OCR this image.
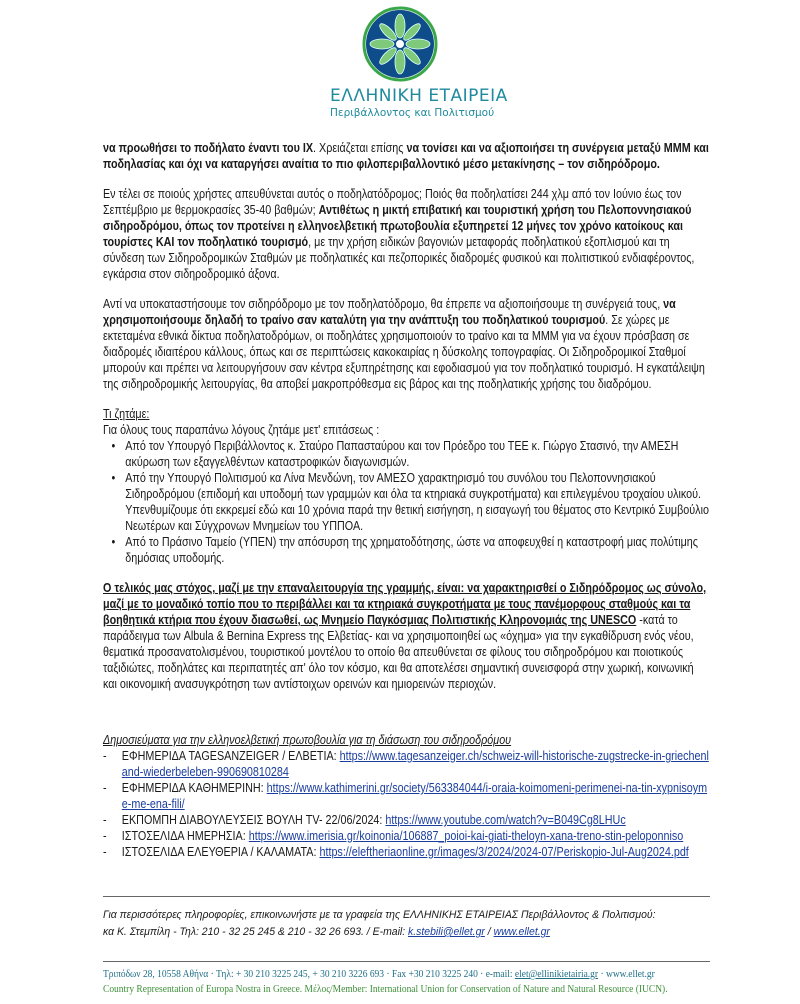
ΕΛΛΗΝΙΚΗ ΕΤΑΙΡΕΙΑ
Περιβάλλοντος και Πολιτισμού
να προωθήσει το ποδήλατο έναντι του ΙΧ. Χρειάζεται επίσης να τονίσει και να αξιοποιήσει τη συνέργεια μεταξύ ΜΜΜ και ποδηλασίας και όχι να καταργήσει αναίτια το πιο φιλοπεριβαλλοντικό μέσο μετακίνησης – τον σιδηρόδρομο.
Εν τέλει σε ποιούς χρήστες απευθύνεται αυτός ο ποδηλατόδρομος; Ποιός θα ποδηλατίσει 244 χλμ από τον Ιούνιο έως τον Σεπτέμβριο με θερμοκρασίες 35-40 βαθμών; Αντιθέτως η μικτή επιβατική και τουριστική χρήση του Πελοποννησιακού σιδηροδρόμου, όπως τον προτείνει η ελληνοελβετική πρωτοβουλία εξυπηρετεί 12 μήνες τον χρόνο κατοίκους και τουρίστες ΚΑΙ τον ποδηλατικό τουρισμό, με την χρήση ειδικών βαγονιών μεταφοράς ποδηλατικού εξοπλισμού και τη σύνδεση των Σιδηροδρομικών Σταθμών με ποδηλατικές και πεζοπορικές διαδρομές φυσικού και πολιτιστικού ενδιαφέροντος, εγκάρσια στον σιδηροδρομικό άξονα.
Αντί να υποκαταστήσουμε τον σιδηρόδρομο με τον ποδηλατόδρομο, θα έπρεπε να αξιοποιήσουμε τη συνέργειά τους, να χρησιμοποιήσουμε δηλαδή το τραίνο σαν καταλύτη για την ανάπτυξη του ποδηλατικού τουρισμού. Σε χώρες με εκτεταμένα εθνικά δίκτυα ποδηλατοδρόμων, οι ποδηλάτες χρησιμοποιούν το τραίνο και τα ΜΜΜ για να έχουν πρόσβαση σε διαδρομές ιδιαιτέρου κάλλους, όπως και σε περιπτώσεις κακοκαιρίας η δύσκολης τοπογραφίας. Οι Σιδηροδρομικοί Σταθμοί μπορούν και πρέπει να λειτουργήσουν σαν κέντρα εξυπηρέτησης και εφοδιασμού για τον ποδηλατικό τουρισμό. Η εγκατάλειψη της σιδηροδρομικής λειτουργίας, θα αποβεί μακροπρόθεσμα εις βάρος και της ποδηλατικής χρήσης του διαδρόμου.
Τι ζητάμε:
Για όλους τους παραπάνω λόγους ζητάμε μετ' επιτάσεως :
• Από τον Υπουργό Περιβάλλοντος κ. Σταύρο Παπασταύρου και τον Πρόεδρο του ΤΕΕ κ. Γιώργο Στασινό, την ΑΜΕΣΗ ακύρωση των εξαγγελθέντων καταστροφικών διαγωνισμών.
• Από την Υπουργό Πολιτισμού κα Λίνα Μενδώνη, τον ΑΜΕΣΟ χαρακτηρισμό του συνόλου του Πελοποννησιακού Σιδηροδρόμου (επιδομή και υποδομή των γραμμών και όλα τα κτηριακά συγκροτήματα) και επιλεγμένου τροχαίου υλικού. Υπενθυμίζουμε ότι εκκρεμεί εδώ και 10 χρόνια παρά την θετική εισήγηση, η εισαγωγή του θέματος στο Κεντρικό Συμβούλιο Νεωτέρων και Σύγχρονων Μνημείων του ΥΠΠΟΑ.
• Από το Πράσινο Ταμείο (ΥΠΕΝ) την απόσυρση της χρηματοδότησης, ώστε να αποφευχθεί η καταστροφή μιας πολύτιμης δημόσιας υποδομής.
Ο τελικός μας στόχος, μαζί με την επαναλειτουργία της γραμμής, είναι: να χαρακτηρισθεί ο Σιδηρόδρομος ως σύνολο, μαζί με το μοναδικό τοπίο που το περιβάλλει και τα κτηριακά συγκροτήματα με τους πανέμορφους σταθμούς και τα βοηθητικά κτήρια που έχουν διασωθεί, ως Μνημείο Παγκόσμιας Πολιτιστικής Κληρονομιάς της UNESCO -κατά το παράδειγμα των Albula & Bernina Express της Ελβετίας- και να χρησιμοποιηθεί ως «όχημα» για την εγκαθίδρυση ενός νέου, θεματικά προσανατολισμένου, τουριστικού μοντέλου το οποίο θα απευθύνεται σε φίλους του σιδηροδρόμου και ποιοτικούς ταξιδιώτες, ποδηλάτες και περιπατητές απ' όλο τον κόσμο, και θα αποτελέσει σημαντική συνεισφορά στην χωρική, κοινωνική και οικονομική ανασυγκρότηση των αντίστοιχων ορεινών και ημιορεινών περιοχών.
Δημοσιεύματα για την ελληνοελβετική πρωτοβουλία για τη διάσωση του σιδηροδρόμου
- ΕΦΗΜΕΡΙΔΑ TAGESANZEIGER / ΕΛΒΕΤΙΑ: https://www.tagesanzeiger.ch/schweiz-will-historische-zugstrecke-in-griechenland-wiederbeleben-990690810284
- ΕΦΗΜΕΡΙΔΑ ΚΑΘΗΜΕΡΙΝΗ: https://www.kathimerini.gr/society/563384044/i-oraia-koimomeni-perimenei-na-tin-xypnisoyme-me-ena-fili/
- ΕΚΠΟΜΠΗ ΔΙΑΒΟΥΛΕΥΣΕΙΣ ΒΟΥΛΗ TV- 22/06/2024: https://www.youtube.com/watch?v=B049Cg8LHUc
- ΙΣΤΟΣΕΛΙΔΑ ΗΜΕΡΗΣΙΑ: https://www.imerisia.gr/koinonia/106887_poioi-kai-giati-theloyn-xana-treno-stin-peloponniso
- ΙΣΤΟΣΕΛΙΔΑ ΕΛΕΥΘΕΡΙΑ / ΚΑΛΑΜΑΤΑ: https://eleftheriaonline.gr/images/3/2024/2024-07/Periskopio-Jul-Aug2024.pdf
Για περισσότερες πληροφορίες, επικοινωνήστε με τα γραφεία της ΕΛΛΗΝΙΚΗΣ ΕΤΑΙΡΕΙΑΣ Περιβάλλοντος & Πολιτισμού:
κα Κ. Στεμπίλη - Τηλ: 210 - 32 25 245 & 210 - 32 26 693. / E-mail: k.stebili@ellet.gr / www.ellet.gr
Τριπόδων 28, 10558 Αθήνα · Τηλ: + 30 210 3225 245, + 30 210 3226 693 · Fax +30 210 3225 240 · e-mail: elet@ellinikietairia.gr · www.ellet.gr
Country Representation of Europa Nostra in Greece. Μέλος/Member: International Union for Conservation of Nature and Natural Resource (IUCN).
